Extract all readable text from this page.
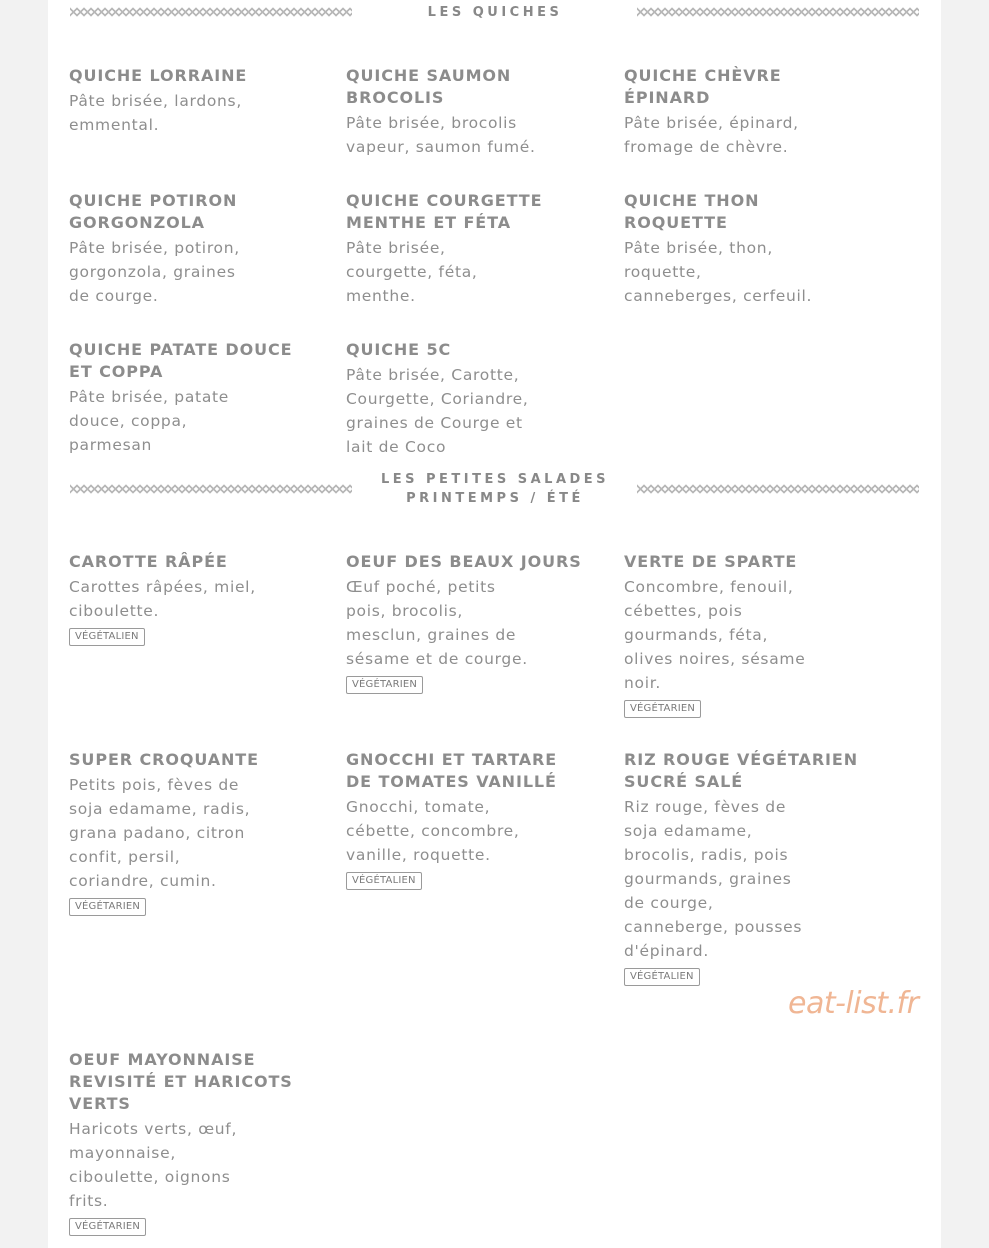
LES QUICHES
QUICHE LORRAINE
Pâte brisée, lardons, emmental.
QUICHE SAUMON BROCOLIS
Pâte brisée, brocolis vapeur, saumon fumé.
QUICHE CHÈVRE ÉPINARD
Pâte brisée, épinard, fromage de chèvre.
QUICHE POTIRON GORGONZOLA
Pâte brisée, potiron, gorgonzola, graines de courge.
QUICHE COURGETTE MENTHE ET FÉTA
Pâte brisée, courgette, féta, menthe.
QUICHE THON ROQUETTE
Pâte brisée, thon, roquette, canneberges, cerfeuil.
QUICHE PATATE DOUCE ET COPPA
Pâte brisée, patate douce, coppa, parmesan
QUICHE 5C
Pâte brisée, Carotte, Courgette, Coriandre, graines de Courge et lait de Coco
LES PETITES SALADES
PRINTEMPS / ÉTÉ
CAROTTE RÂPÉE
Carottes râpées, miel, ciboulette.
VÉGÉTALIEN
OEUF DES BEAUX JOURS
Œuf poché, petits pois, brocolis, mesclun, graines de sésame et de courge.
VÉGÉTARIEN
VERTE DE SPARTE
Concombre, fenouil, cébettes, pois gourmands, féta, olives noires, sésame noir.
VÉGÉTARIEN
SUPER CROQUANTE
Petits pois, fèves de soja edamame, radis, grana padano, citron confit, persil, coriandre, cumin.
VÉGÉTARIEN
GNOCCHI ET TARTARE DE TOMATES VANILLÉ
Gnocchi, tomate, cébette, concombre, vanille, roquette.
VÉGÉTALIEN
RIZ ROUGE VÉGÉTARIEN SUCRÉ SALÉ
Riz rouge, fèves de soja edamame, brocolis, radis, pois gourmands, graines de courge, canneberge, pousses d'épinard.
VÉGÉTALIEN
OEUF MAYONNAISE REVISITÉ ET HARICOTS VERTS
Haricots verts, œuf, mayonnaise, ciboulette, oignons frits.
VÉGÉTARIEN
eat-list.fr
